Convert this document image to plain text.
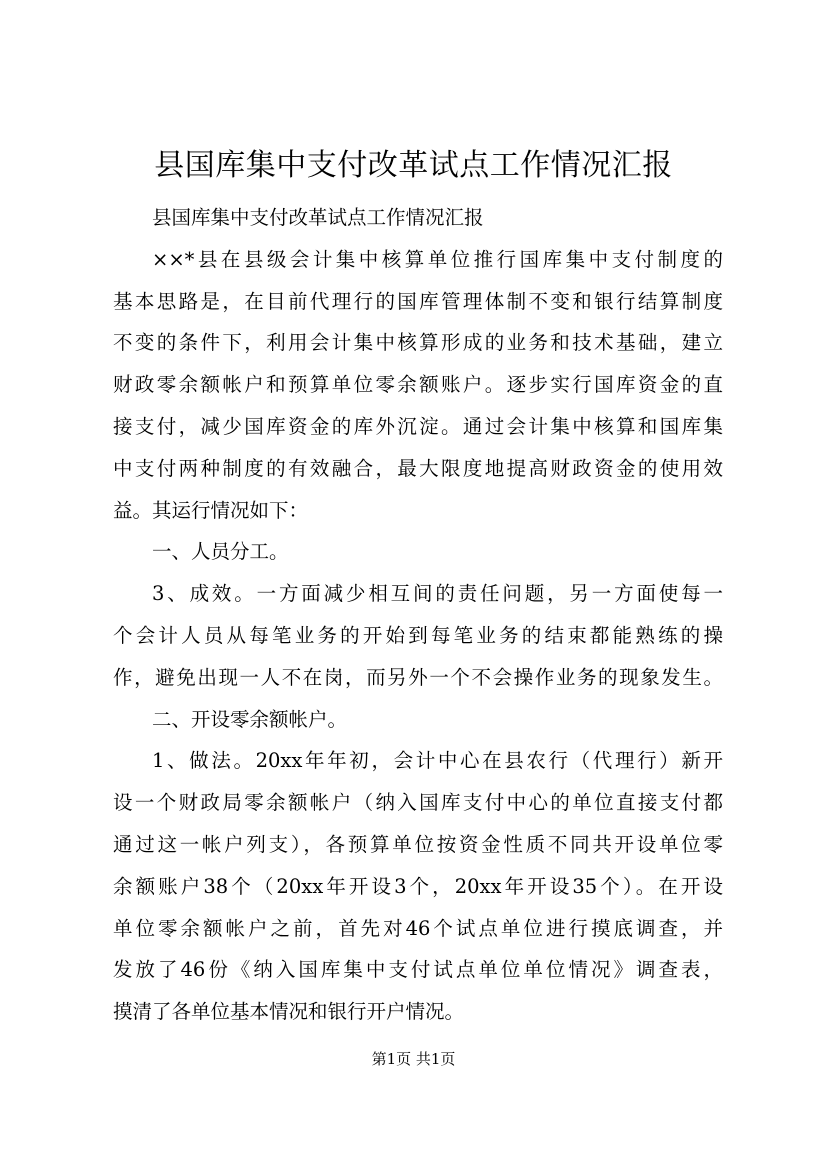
县国库集中支付改革试点工作情况汇报
县国库集中支付改革试点工作情况汇报
××*县在县级会计集中核算单位推行国库集中支付制度的
基本思路是，在目前代理行的国库管理体制不变和银行结算制度
不变的条件下，利用会计集中核算形成的业务和技术基础，建立
财政零余额帐户和预算单位零余额账户。逐步实行国库资金的直
接支付，减少国库资金的库外沉淀。通过会计集中核算和国库集
中支付两种制度的有效融合，最大限度地提高财政资金的使用效
益。其运行情况如下：
一、人员分工。
3、成效。一方面减少相互间的责任问题，另一方面使每一
个会计人员从每笔业务的开始到每笔业务的结束都能熟练的操
作，避免出现一人不在岗，而另外一个不会操作业务的现象发生。
二、开设零余额帐户。
1、做法。20xx年年初，会计中心在县农行（代理行）新开
设一个财政局零余额帐户（纳入国库支付中心的单位直接支付都
通过这一帐户列支），各预算单位按资金性质不同共开设单位零
余额账户38个（20xx年开设3个，20xx年开设35个）。在开设
单位零余额帐户之前，首先对46个试点单位进行摸底调查，并
发放了46份《纳入国库集中支付试点单位单位情况》调查表，
摸清了各单位基本情况和银行开户情况。
第1页 共1页
